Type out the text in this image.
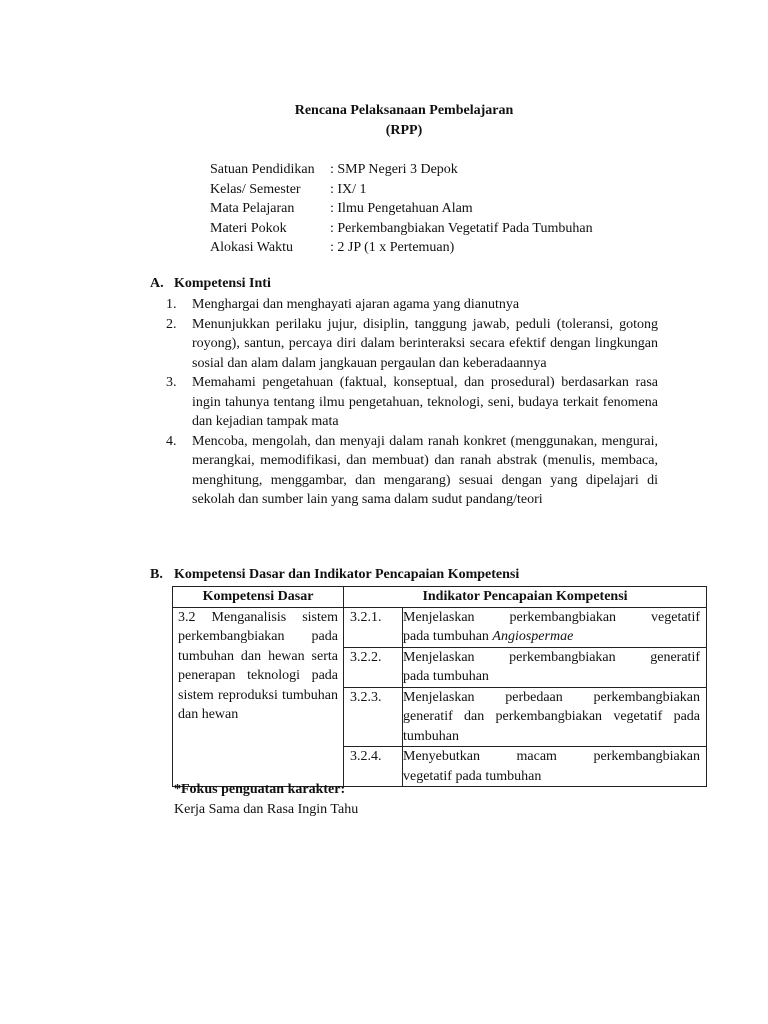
Rencana Pelaksanaan Pembelajaran
(RPP)
Satuan Pendidikan : SMP Negeri 3 Depok
Kelas/ Semester : IX/ 1
Mata Pelajaran	: Ilmu Pengetahuan Alam
Materi Pokok	: Perkembangbiakan Vegetatif Pada Tumbuhan
Alokasi Waktu	: 2 JP (1 x Pertemuan)
A. Kompetensi Inti
1. Menghargai dan menghayati ajaran agama yang dianutnya
2. Menunjukkan perilaku jujur, disiplin, tanggung jawab, peduli (toleransi, gotong royong), santun, percaya diri dalam berinteraksi secara efektif dengan lingkungan sosial dan alam dalam jangkauan pergaulan dan keberadaannya
3. Memahami pengetahuan (faktual, konseptual, dan prosedural) berdasarkan rasa ingin tahunya tentang ilmu pengetahuan, teknologi, seni, budaya terkait fenomena dan kejadian tampak mata
4. Mencoba, mengolah, dan menyaji dalam ranah konkret (menggunakan, mengurai, merangkai, memodifikasi, dan membuat) dan ranah abstrak (menulis, membaca, menghitung, menggambar, dan mengarang) sesuai dengan yang dipelajari di sekolah dan sumber lain yang sama dalam sudut pandang/teori
B. Kompetensi Dasar dan Indikator Pencapaian Kompetensi
Kompetensi Dasar	Indikator Pencapaian Kompetensi	
3.2 Menganalisis sistem perkembangbiakan pada tumbuhan dan hewan serta penerapan teknologi pada sistem reproduksi tumbuhan dan hewan	3.2.1.	Menjelaskan perkembangbiakan vegetatif
pada tumbuhan Angiospermae
	3.2.2.	Menjelaskan perkembangbiakan generatif
pada tumbuhan
	3.2.3.	Menjelaskan perbedaan perkembangbiakan
generatif dan perkembangbiakan vegetatif pada tumbuhan
	3.2.4.	Menyebutkan macam perkembangbiakan
vegetatif pada tumbuhan
*Fokus penguatan karakter:
Kerja Sama dan Rasa Ingin Tahu
